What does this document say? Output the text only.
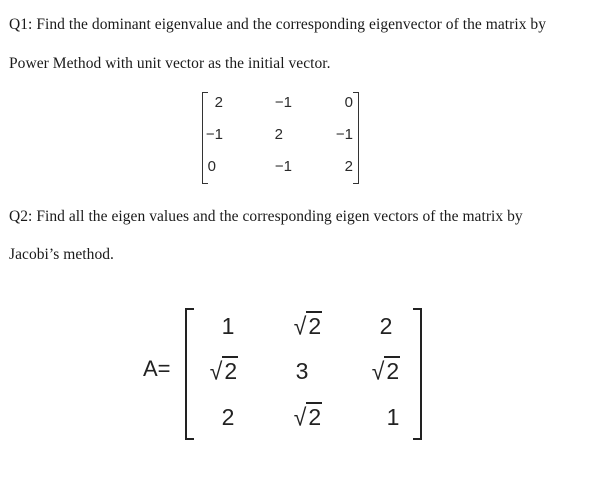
Q1: Find the dominant eigenvalue and the corresponding eigenvector of the matrix by
Power Method with unit vector as the initial vector.
2	−1	0
−1	2	−1
0	−1	2
Q2: Find all the eigen values and the corresponding eigen vectors of the matrix by
Jacobi’s method.
A=
1	√2	2
√2	3	√2
2	√2	1
